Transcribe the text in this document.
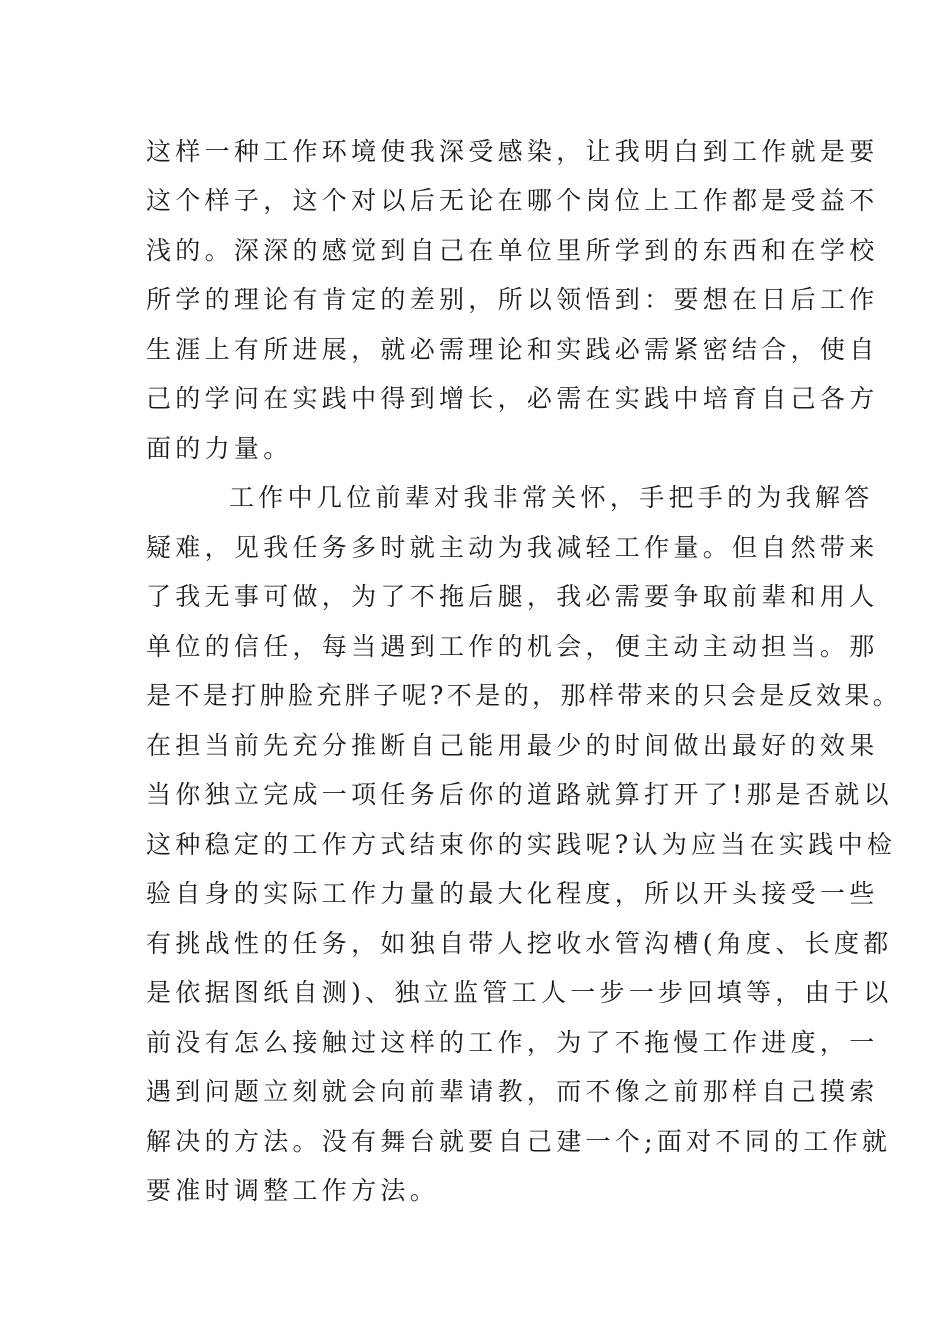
这样一种工作环境使我深受感染，让我明白到工作就是要
这个样子，这个对以后无论在哪个岗位上工作都是受益不
浅的。深深的感觉到自己在单位里所学到的东西和在学校
所学的理论有肯定的差别，所以领悟到：要想在日后工作
生涯上有所进展，就必需理论和实践必需紧密结合，使自
己的学问在实践中得到增长，必需在实践中培育自己各方
面的力量。
工作中几位前辈对我非常关怀，手把手的为我解答
疑难，见我任务多时就主动为我减轻工作量。但自然带来
了我无事可做，为了不拖后腿，我必需要争取前辈和用人
单位的信任，每当遇到工作的机会，便主动主动担当。那
是不是打肿脸充胖子呢?不是的，那样带来的只会是反效果。
在担当前先充分推断自己能用最少的时间做出最好的效果
当你独立完成一项任务后你的道路就算打开了!那是否就以
这种稳定的工作方式结束你的实践呢?认为应当在实践中检
验自身的实际工作力量的最大化程度，所以开头接受一些
有挑战性的任务，如独自带人挖收水管沟槽(角度、长度都
是依据图纸自测)、独立监管工人一步一步回填等，由于以
前没有怎么接触过这样的工作，为了不拖慢工作进度，一
遇到问题立刻就会向前辈请教，而不像之前那样自己摸索
解决的方法。没有舞台就要自己建一个;面对不同的工作就
要准时调整工作方法。
